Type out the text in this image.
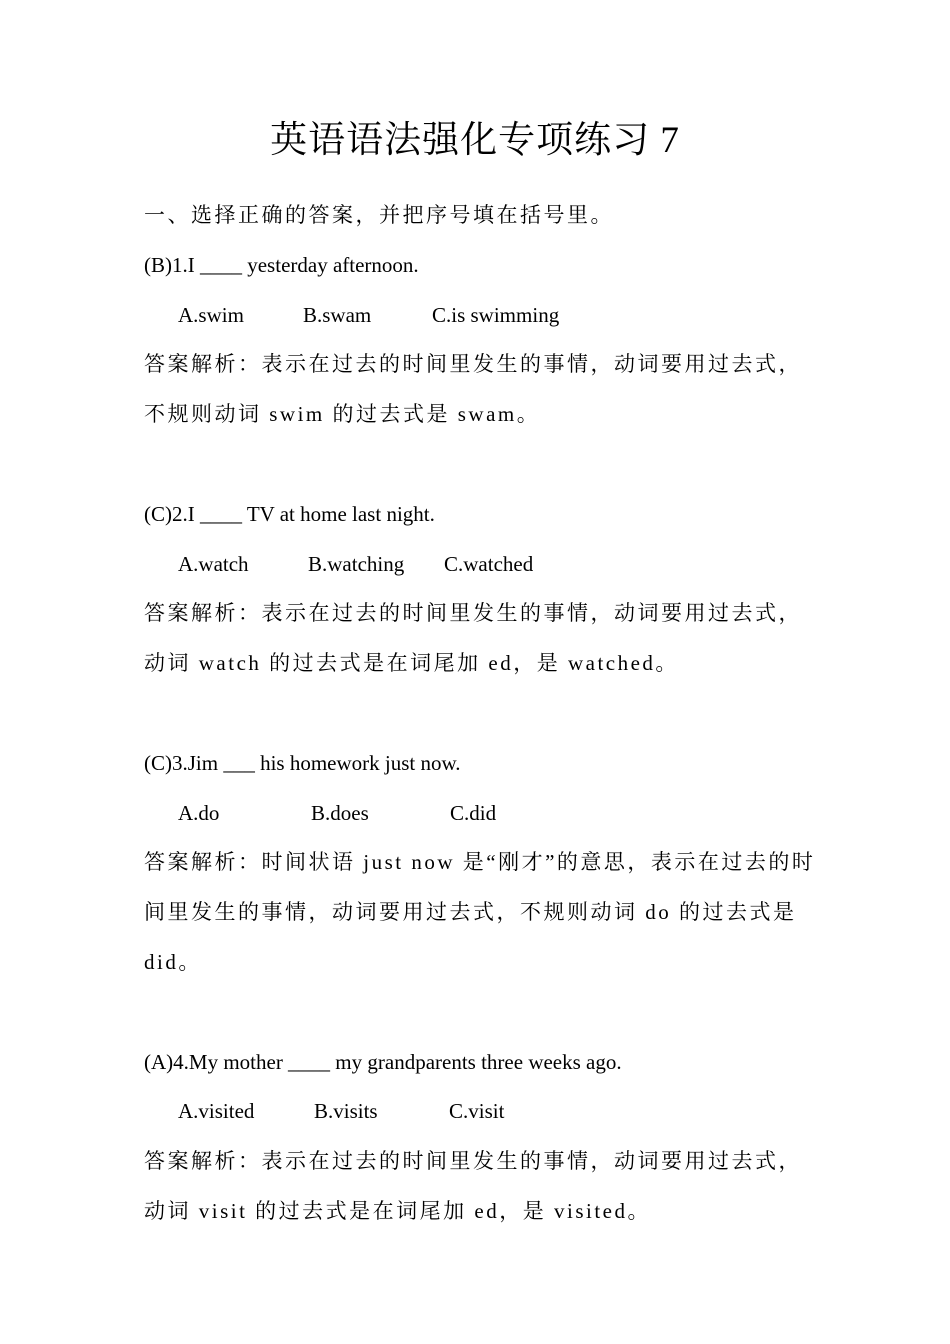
英语语法强化专项练习 7
一、选择正确的答案，并把序号填在括号里。
(B)1.I ____ yesterday afternoon.
A.swim	B.swam	C.is swimming
答案解析：表示在过去的时间里发生的事情，动词要用过去式，
不规则动词 swim 的过去式是 swam。
(C)2.I ____ TV at home last night.
A.watch	B.watching C.watched
答案解析：表示在过去的时间里发生的事情，动词要用过去式，
动词 watch 的过去式是在词尾加 ed，是 watched。
(C)3.Jim ___ his homework just now.
A.do	B.does	C.did
答案解析：时间状语 just now 是“刚才”的意思，表示在过去的时
间里发生的事情，动词要用过去式，不规则动词 do 的过去式是
did。
(A)4.My mother ____ my grandparents three weeks ago.
A.visited	B.visits	C.visit
答案解析：表示在过去的时间里发生的事情，动词要用过去式，
动词 visit 的过去式是在词尾加 ed，是 visited。
